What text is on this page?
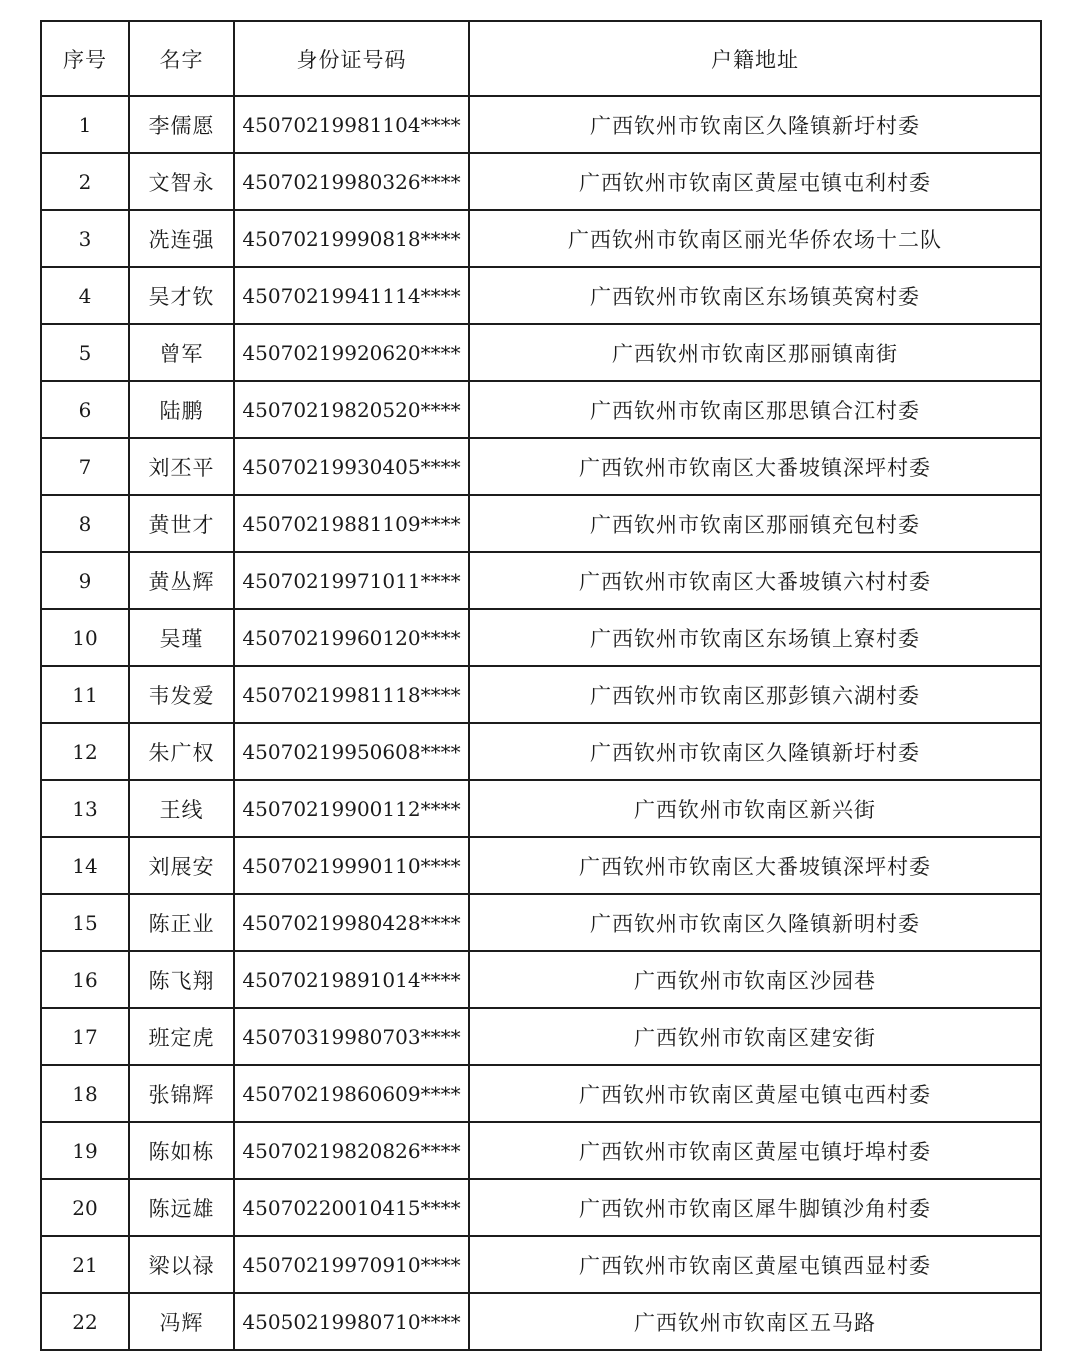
序号	名字	身份证号码	户籍地址
1	李儒愿	45070219981104****	广西钦州市钦南区久隆镇新圩村委
2	文智永	45070219980326****	广西钦州市钦南区黄屋屯镇屯利村委
3	冼连强	45070219990818****	广西钦州市钦南区丽光华侨农场十二队
4	吴才钦	45070219941114****	广西钦州市钦南区东场镇英窝村委
5	曾军	45070219920620****	广西钦州市钦南区那丽镇南街
6	陆鹏	45070219820520****	广西钦州市钦南区那思镇合江村委
7	刘丕平	45070219930405****	广西钦州市钦南区大番坡镇深坪村委
8	黄世才	45070219881109****	广西钦州市钦南区那丽镇充包村委
9	黄丛辉	45070219971011****	广西钦州市钦南区大番坡镇六村村委
10	吴瑾	45070219960120****	广西钦州市钦南区东场镇上寮村委
11	韦发爱	45070219981118****	广西钦州市钦南区那彭镇六湖村委
12	朱广权	45070219950608****	广西钦州市钦南区久隆镇新圩村委
13	王线	45070219900112****	广西钦州市钦南区新兴街
14	刘展安	45070219990110****	广西钦州市钦南区大番坡镇深坪村委
15	陈正业	45070219980428****	广西钦州市钦南区久隆镇新明村委
16	陈飞翔	45070219891014****	广西钦州市钦南区沙园巷
17	班定虎	45070319980703****	广西钦州市钦南区建安街
18	张锦辉	45070219860609****	广西钦州市钦南区黄屋屯镇屯西村委
19	陈如栋	45070219820826****	广西钦州市钦南区黄屋屯镇圩埠村委
20	陈远雄	45070220010415****	广西钦州市钦南区犀牛脚镇沙角村委
21	梁以禄	45070219970910****	广西钦州市钦南区黄屋屯镇西显村委
22	冯辉	45050219980710****	广西钦州市钦南区五马路
